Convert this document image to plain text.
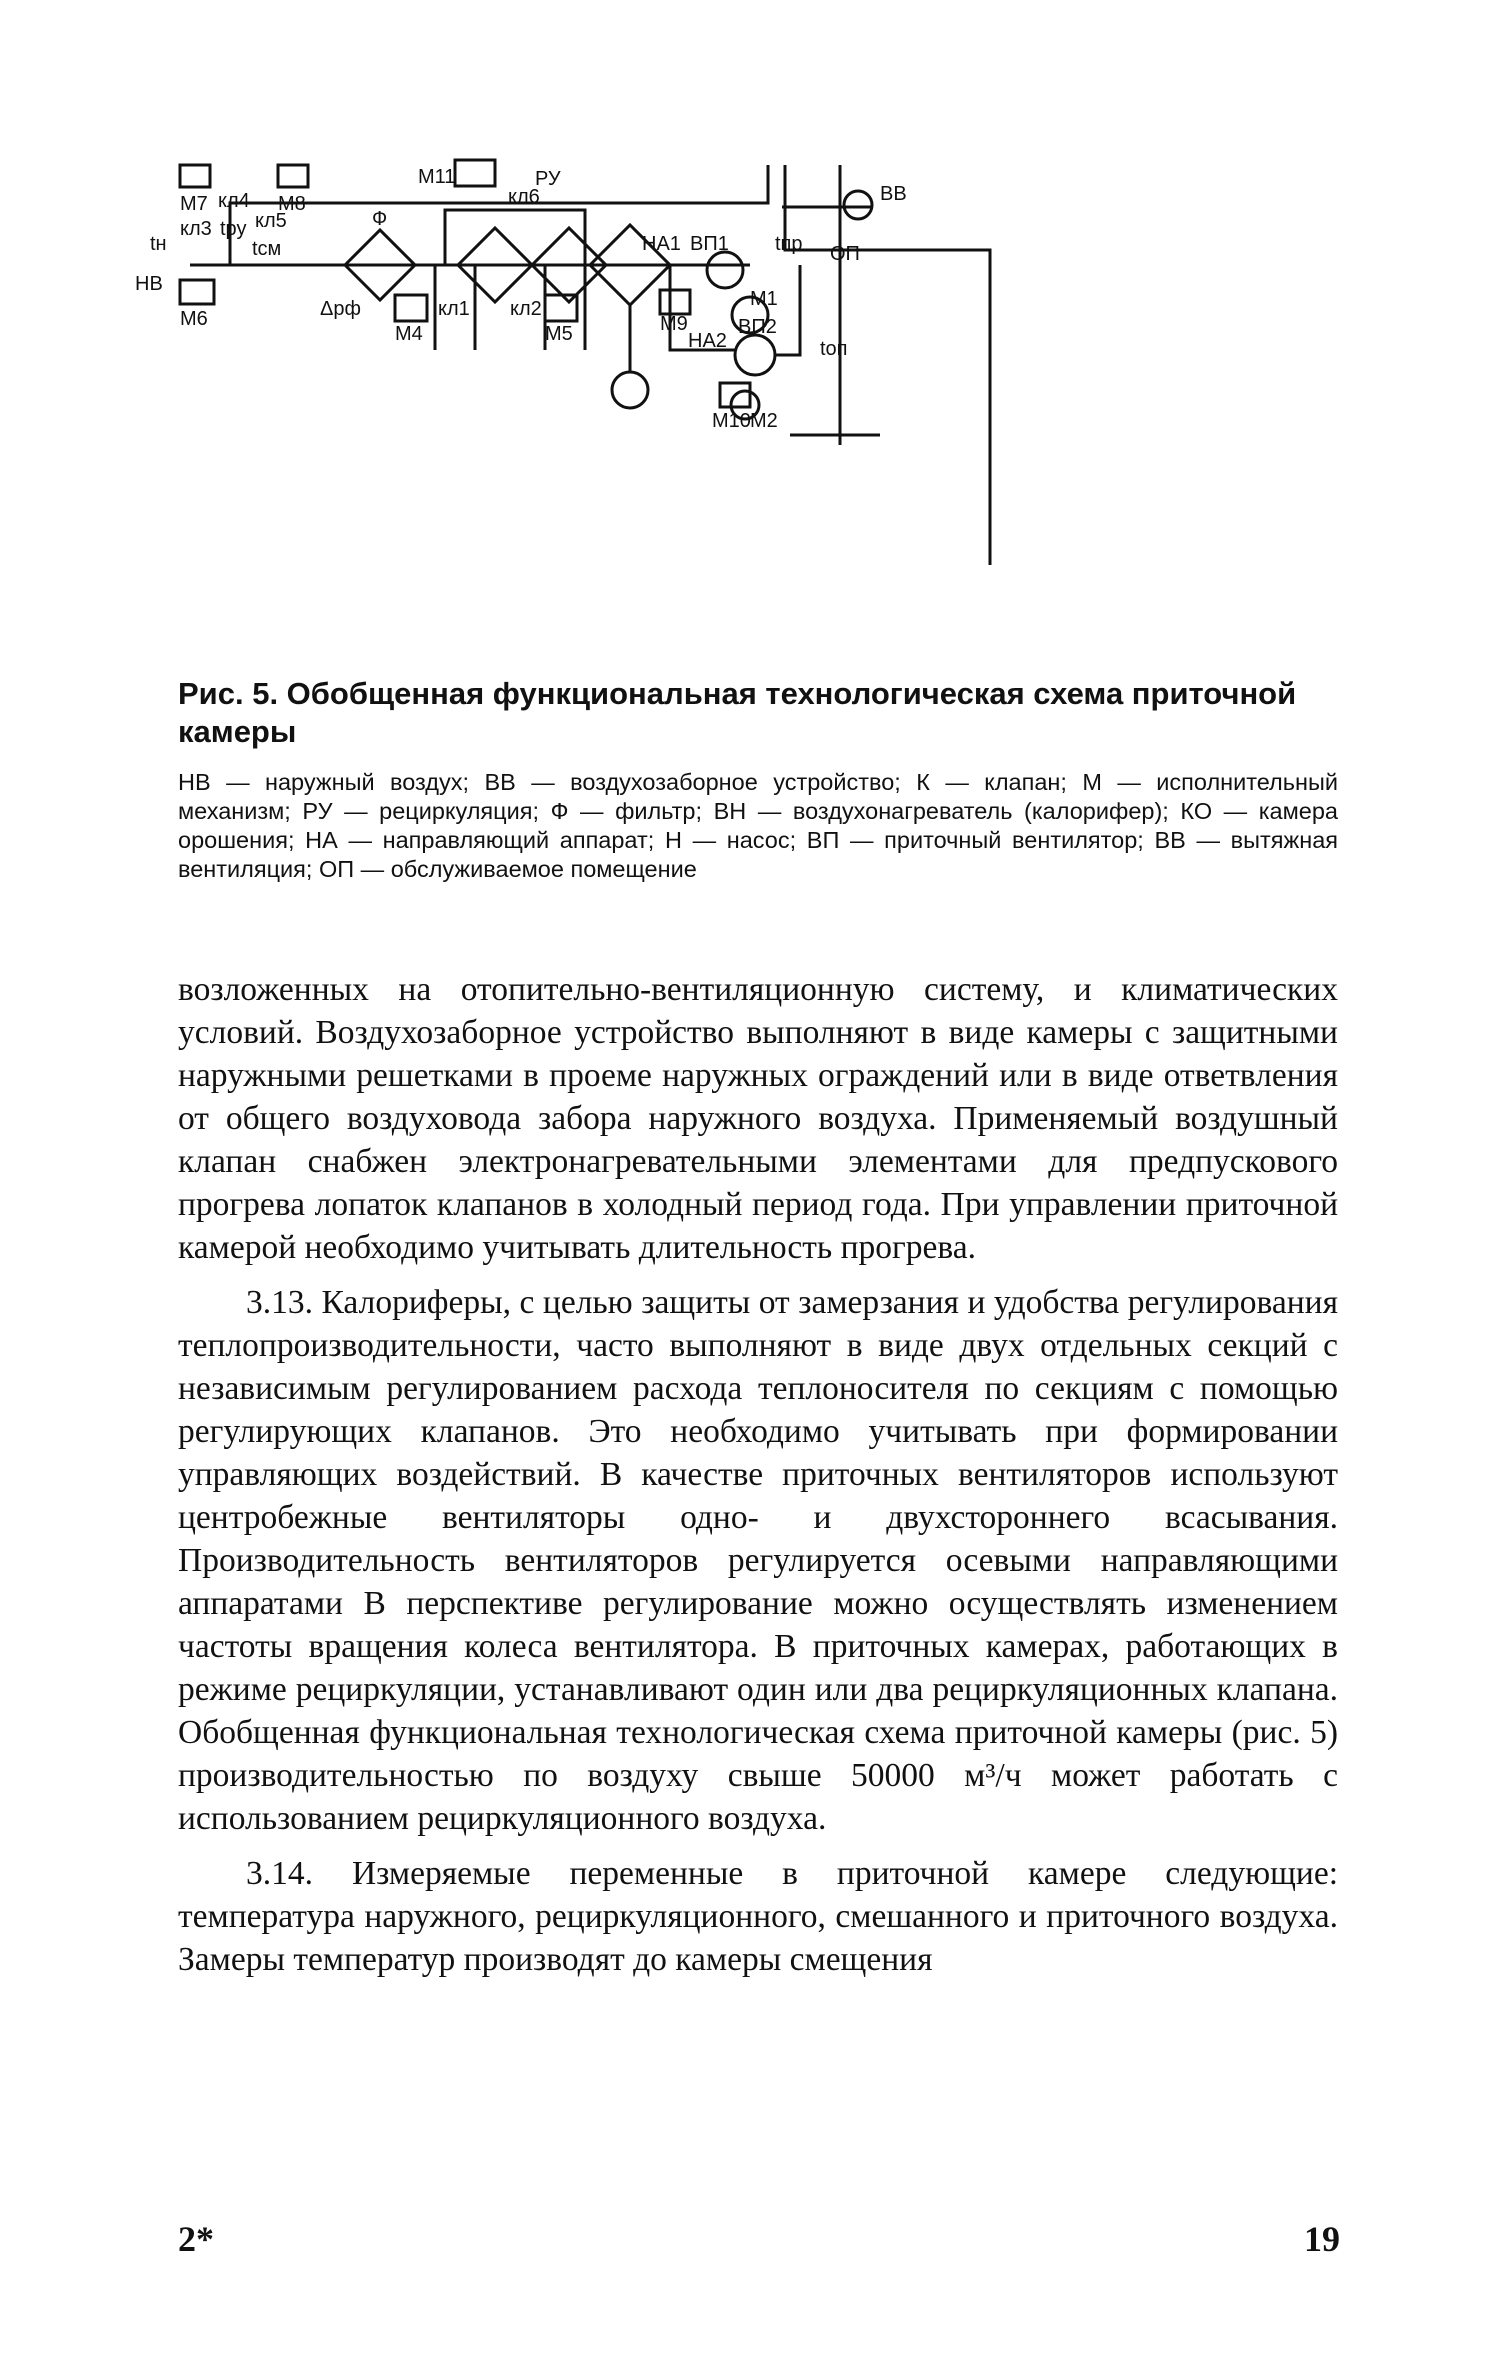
РУ
ВВ
М7 кл4 М8
М11
кл6
кл3 tру кл5
tн	tсм
НВ
М6	Δpф
Ф
М4
кл1 кл2
М5
НА1 ВП1
М9
М1
ВП2
НА2
М10 М2
tпр ОП
tоп

Рис. 5. Обобщенная функциональная технологическая схема приточной камеры

НВ — наружный воздух; ВВ — воздухозаборное устройство; К — клапан; М — исполнительный механизм; РУ — рециркуляция; Ф — фильтр; ВН — воздухонагреватель (калорифер); КО — камера орошения; НА — направляющий аппарат; Н — насос; ВП — приточный вентилятор; ВВ — вытяжная вентиляция; ОП — обслуживаемое помещение

возложенных на отопительно-вентиляционную систему, и климатических условий. Воздухозаборное устройство выполняют в виде камеры с защитными наружными решетками в проеме наружных ограждений или в виде ответвления от общего воздуховода забора наружного воздуха. Применяемый воздушный клапан снабжен электронагревательными элементами для предпускового прогрева лопаток клапанов в холодный период года. При управлении приточной камерой необходимо учитывать длительность прогрева.

3.13. Калориферы, с целью защиты от замерзания и удобства регулирования теплопроизводительности, часто выполняют в виде двух отдельных секций с независимым регулированием расхода теплоносителя по секциям с помощью регулирующих клапанов. Это необходимо учитывать при формировании управляющих воздействий. В качестве приточных вентиляторов используют центробежные вентиляторы одно- и двухстороннего всасывания. Производительность вентиляторов регулируется осевыми направляющими аппаратами В перспективе регулирование можно осуществлять изменением частоты вращения колеса вентилятора. В приточных камерах, работающих в режиме рециркуляции, устанавливают один или два рециркуляционных клапана. Обобщенная функциональная технологическая схема приточной камеры (рис. 5) производительностью по воздуху свыше 50000 м³/ч может работать с использованием рециркуляционного воздуха.

3.14. Измеряемые переменные в приточной камере следующие: температура наружного, рециркуляционного, смешанного и приточного воздуха. Замеры температур производят до камеры смещения

2*	19
